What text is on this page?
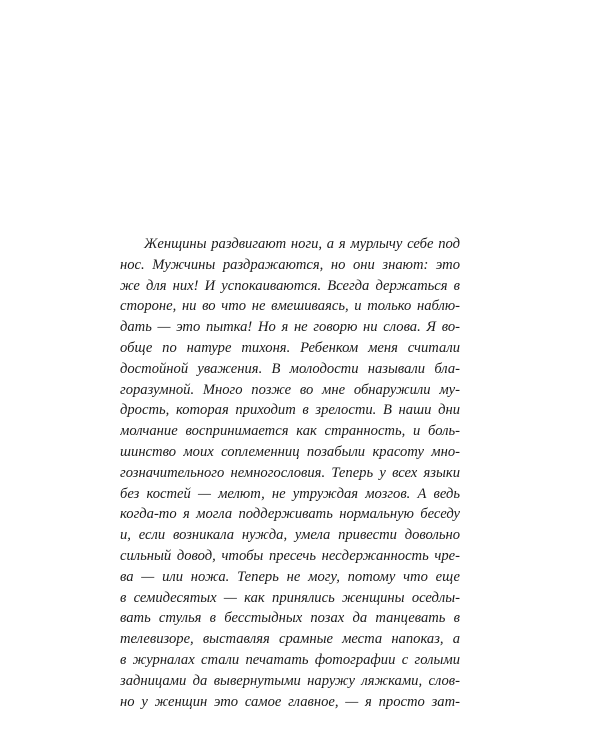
Женщины раздвигают ноги, а я мурлычу себе под
нос. Мужчины раздражаются, но они знают: это
же для них! И успокаиваются. Всегда держаться в
стороне, ни во что не вмешиваясь, и только наблю-
дать — это пытка! Но я не говорю ни слова. Я во-
обще по натуре тихоня. Ребенком меня считали
достойной уважения. В молодости называли бла-
горазумной. Много позже во мне обнаружили му-
дрость, которая приходит в зрелости. В наши дни
молчание воспринимается как странность, и боль-
шинство моих соплеменниц позабыли красоту мно-
гозначительного немногословия. Теперь у всех языки
без костей — мелют, не утруждая мозгов. А ведь
когда-то я могла поддерживать нормальную беседу
и, если возникала нужда, умела привести довольно
сильный довод, чтобы пресечь несдержанность чре-
ва — или ножа. Теперь не могу, потому что еще
в семидесятых — как принялись женщины оседлы-
вать стулья в бесстыдных позах да танцевать в
телевизоре, выставляя срамные места напоказ, а
в журналах стали печатать фотографии с голыми
задницами да вывернутыми наружу ляжками, слов-
но у женщин это самое главное, — я просто зат-
